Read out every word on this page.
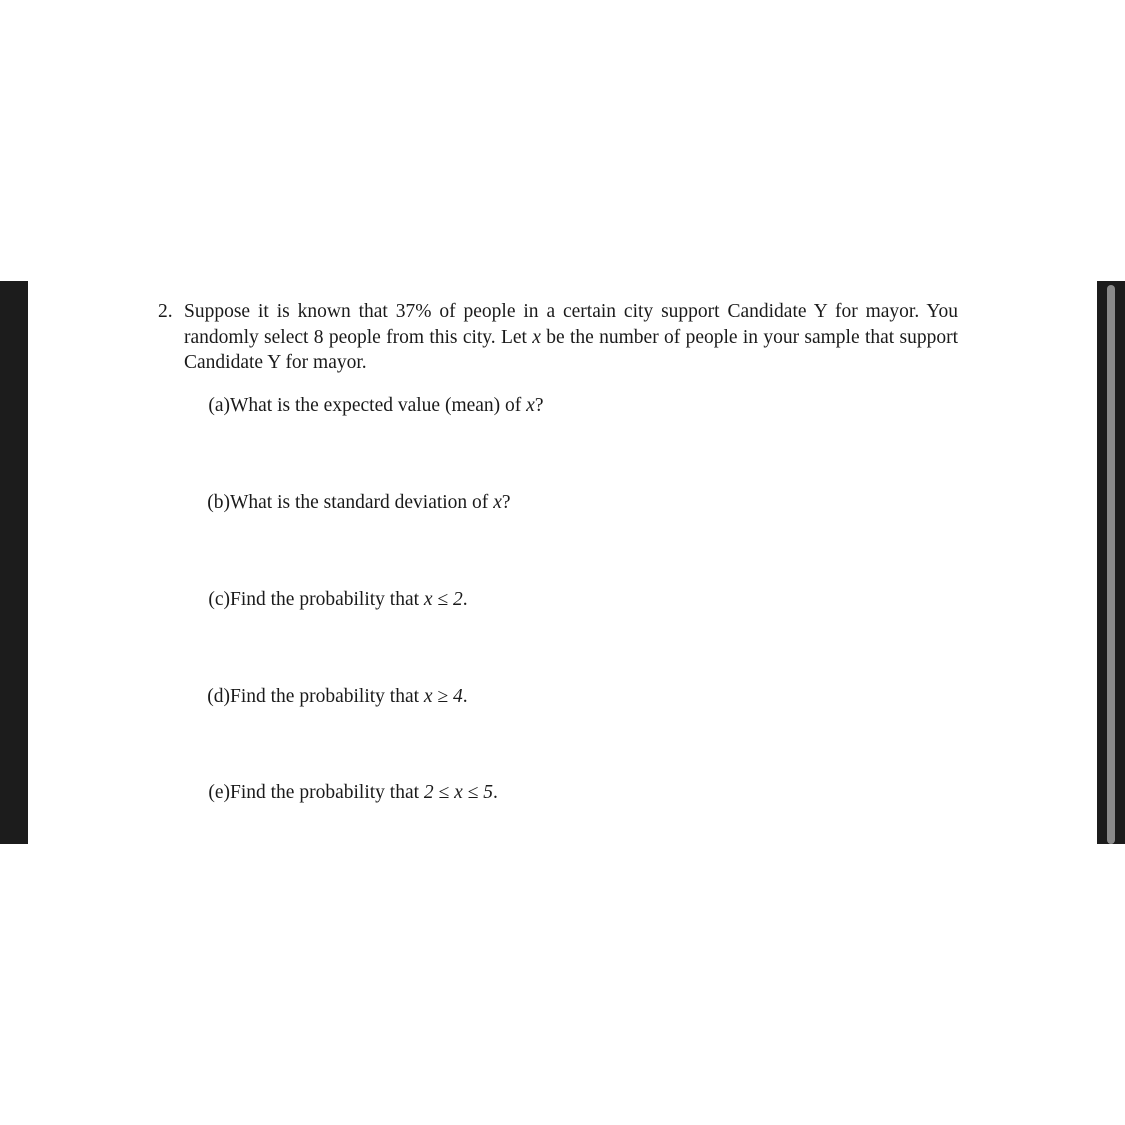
2. Suppose it is known that 37% of people in a certain city support Candidate Y for mayor. You randomly select 8 people from this city. Let x be the number of people in your sample that support Candidate Y for mayor.
(a) What is the expected value (mean) of x?
(b) What is the standard deviation of x?
(c) Find the probability that x ≤ 2.
(d) Find the probability that x ≥ 4.
(e) Find the probability that 2 ≤ x ≤ 5.
